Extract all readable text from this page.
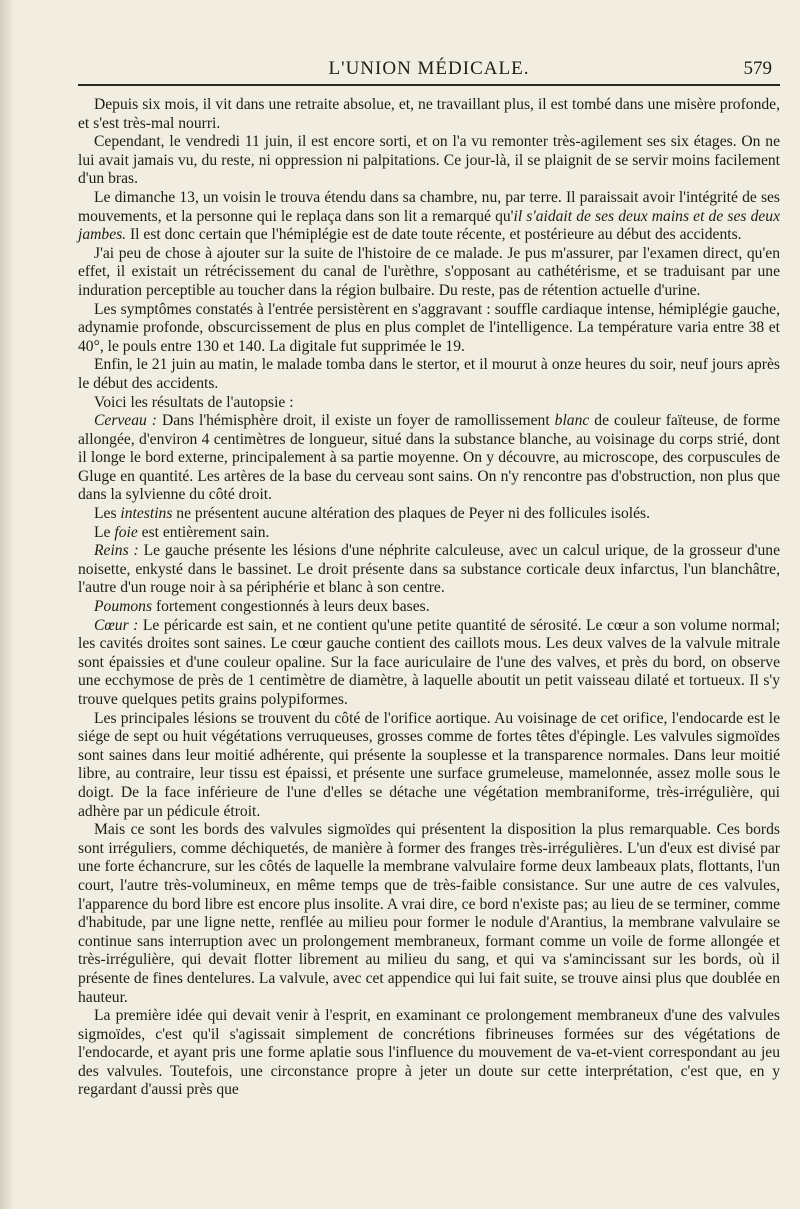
L'UNION MÉDICALE.	579

Depuis six mois, il vit dans une retraite absolue, et, ne travaillant plus, il est tombé dans une misère profonde, et s'est très-mal nourri.

Cependant, le vendredi 11 juin, il est encore sorti, et on l'a vu remonter très-agilement ses six étages. On ne lui avait jamais vu, du reste, ni oppression ni palpitations. Ce jour-là, il se plaignit de se servir moins facilement d'un bras.

Le dimanche 13, un voisin le trouva étendu dans sa chambre, nu, par terre. Il paraissait avoir l'intégrité de ses mouvements, et la personne qui le replaça dans son lit a remarqué qu'il s'aidait de ses deux mains et de ses deux jambes. Il est donc certain que l'hémiplégie est de date toute récente, et postérieure au début des accidents.

J'ai peu de chose à ajouter sur la suite de l'histoire de ce malade. Je pus m'assurer, par l'examen direct, qu'en effet, il existait un rétrécissement du canal de l'urèthre, s'opposant au cathétérisme, et se traduisant par une induration perceptible au toucher dans la région bulbaire. Du reste, pas de rétention actuelle d'urine.

Les symptômes constatés à l'entrée persistèrent en s'aggravant : souffle cardiaque intense, hémiplégie gauche, adynamie profonde, obscurcissement de plus en plus complet de l'intelligence. La température varia entre 38 et 40°, le pouls entre 130 et 140. La digitale fut supprimée le 19.

Enfin, le 21 juin au matin, le malade tomba dans le stertor, et il mourut à onze heures du soir, neuf jours après le début des accidents.

Voici les résultats de l'autopsie :

Cerveau : Dans l'hémisphère droit, il existe un foyer de ramollissement blanc de couleur faïteuse, de forme allongée, d'environ 4 centimètres de longueur, situé dans la substance blanche, au voisinage du corps strié, dont il longe le bord externe, principalement à sa partie moyenne. On y découvre, au microscope, des corpuscules de Gluge en quantité. Les artères de la base du cerveau sont sains. On n'y rencontre pas d'obstruction, non plus que dans la sylvienne du côté droit.

Les intestins ne présentent aucune altération des plaques de Peyer ni des follicules isolés.

Le foie est entièrement sain.

Reins : Le gauche présente les lésions d'une néphrite calculeuse, avec un calcul urique, de la grosseur d'une noisette, enkysté dans le bassinet. Le droit présente dans sa substance corticale deux infarctus, l'un blanchâtre, l'autre d'un rouge noir à sa périphérie et blanc à son centre.

Poumons fortement congestionnés à leurs deux bases.

Cœur : Le péricarde est sain, et ne contient qu'une petite quantité de sérosité. Le cœur a son volume normal; les cavités droites sont saines. Le cœur gauche contient des caillots mous. Les deux valves de la valvule mitrale sont épaissies et d'une couleur opaline. Sur la face auriculaire de l'une des valves, et près du bord, on observe une ecchymose de près de 1 centimètre de diamètre, à laquelle aboutit un petit vaisseau dilaté et tortueux. Il s'y trouve quelques petits grains polypiformes.

Les principales lésions se trouvent du côté de l'orifice aortique. Au voisinage de cet orifice, l'endocarde est le siége de sept ou huit végétations verruqueuses, grosses comme de fortes têtes d'épingle. Les valvules sigmoïdes sont saines dans leur moitié adhérente, qui présente la souplesse et la transparence normales. Dans leur moitié libre, au contraire, leur tissu est épaissi, et présente une surface grumeleuse, mamelonnée, assez molle sous le doigt. De la face inférieure de l'une d'elles se détache une végétation membraniforme, très-irrégulière, qui adhère par un pédicule étroit.

Mais ce sont les bords des valvules sigmoïdes qui présentent la disposition la plus remarquable. Ces bords sont irréguliers, comme déchiquetés, de manière à former des franges très-irrégulières. L'un d'eux est divisé par une forte échancrure, sur les côtés de laquelle la membrane valvulaire forme deux lambeaux plats, flottants, l'un court, l'autre très-volumineux, en même temps que de très-faible consistance. Sur une autre de ces valvules, l'apparence du bord libre est encore plus insolite. A vrai dire, ce bord n'existe pas; au lieu de se terminer, comme d'habitude, par une ligne nette, renflée au milieu pour former le nodule d'Arantius, la membrane valvulaire se continue sans interruption avec un prolongement membraneux, formant comme un voile de forme allongée et très-irrégulière, qui devait flotter librement au milieu du sang, et qui va s'amincissant sur les bords, où il présente de fines dentelures. La valvule, avec cet appendice qui lui fait suite, se trouve ainsi plus que doublée en hauteur.

La première idée qui devait venir à l'esprit, en examinant ce prolongement membraneux d'une des valvules sigmoïdes, c'est qu'il s'agissait simplement de concrétions fibrineuses formées sur des végétations de l'endocarde, et ayant pris une forme aplatie sous l'influence du mouvement de va-et-vient correspondant au jeu des valvules. Toutefois, une circonstance propre à jeter un doute sur cette interprétation, c'est que, en y regardant d'aussi près que
